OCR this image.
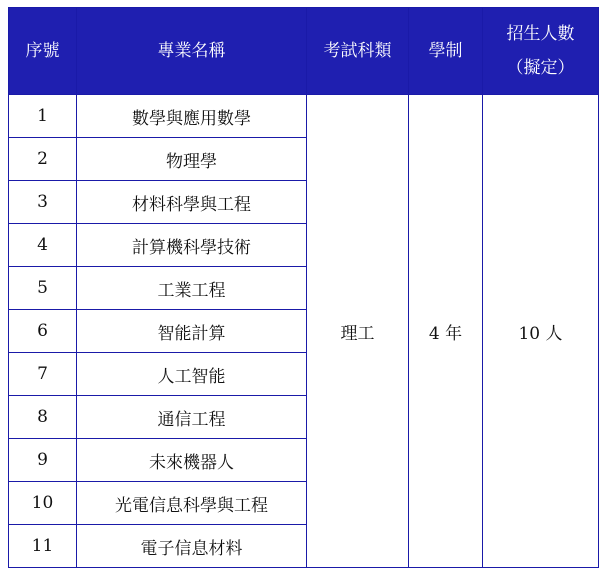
序號	專業名稱	考試科類	學制	招生人數
（擬定）

1	數學與應用數學	理工	4 年	10 人
2	物理學			
3	材料科學與工程			
4	計算機科學技術			
5	工業工程			
6	智能計算			
7	人工智能			
8	通信工程			
9	未來機器人			
10	光電信息科學與工程			
11	電子信息材料			
